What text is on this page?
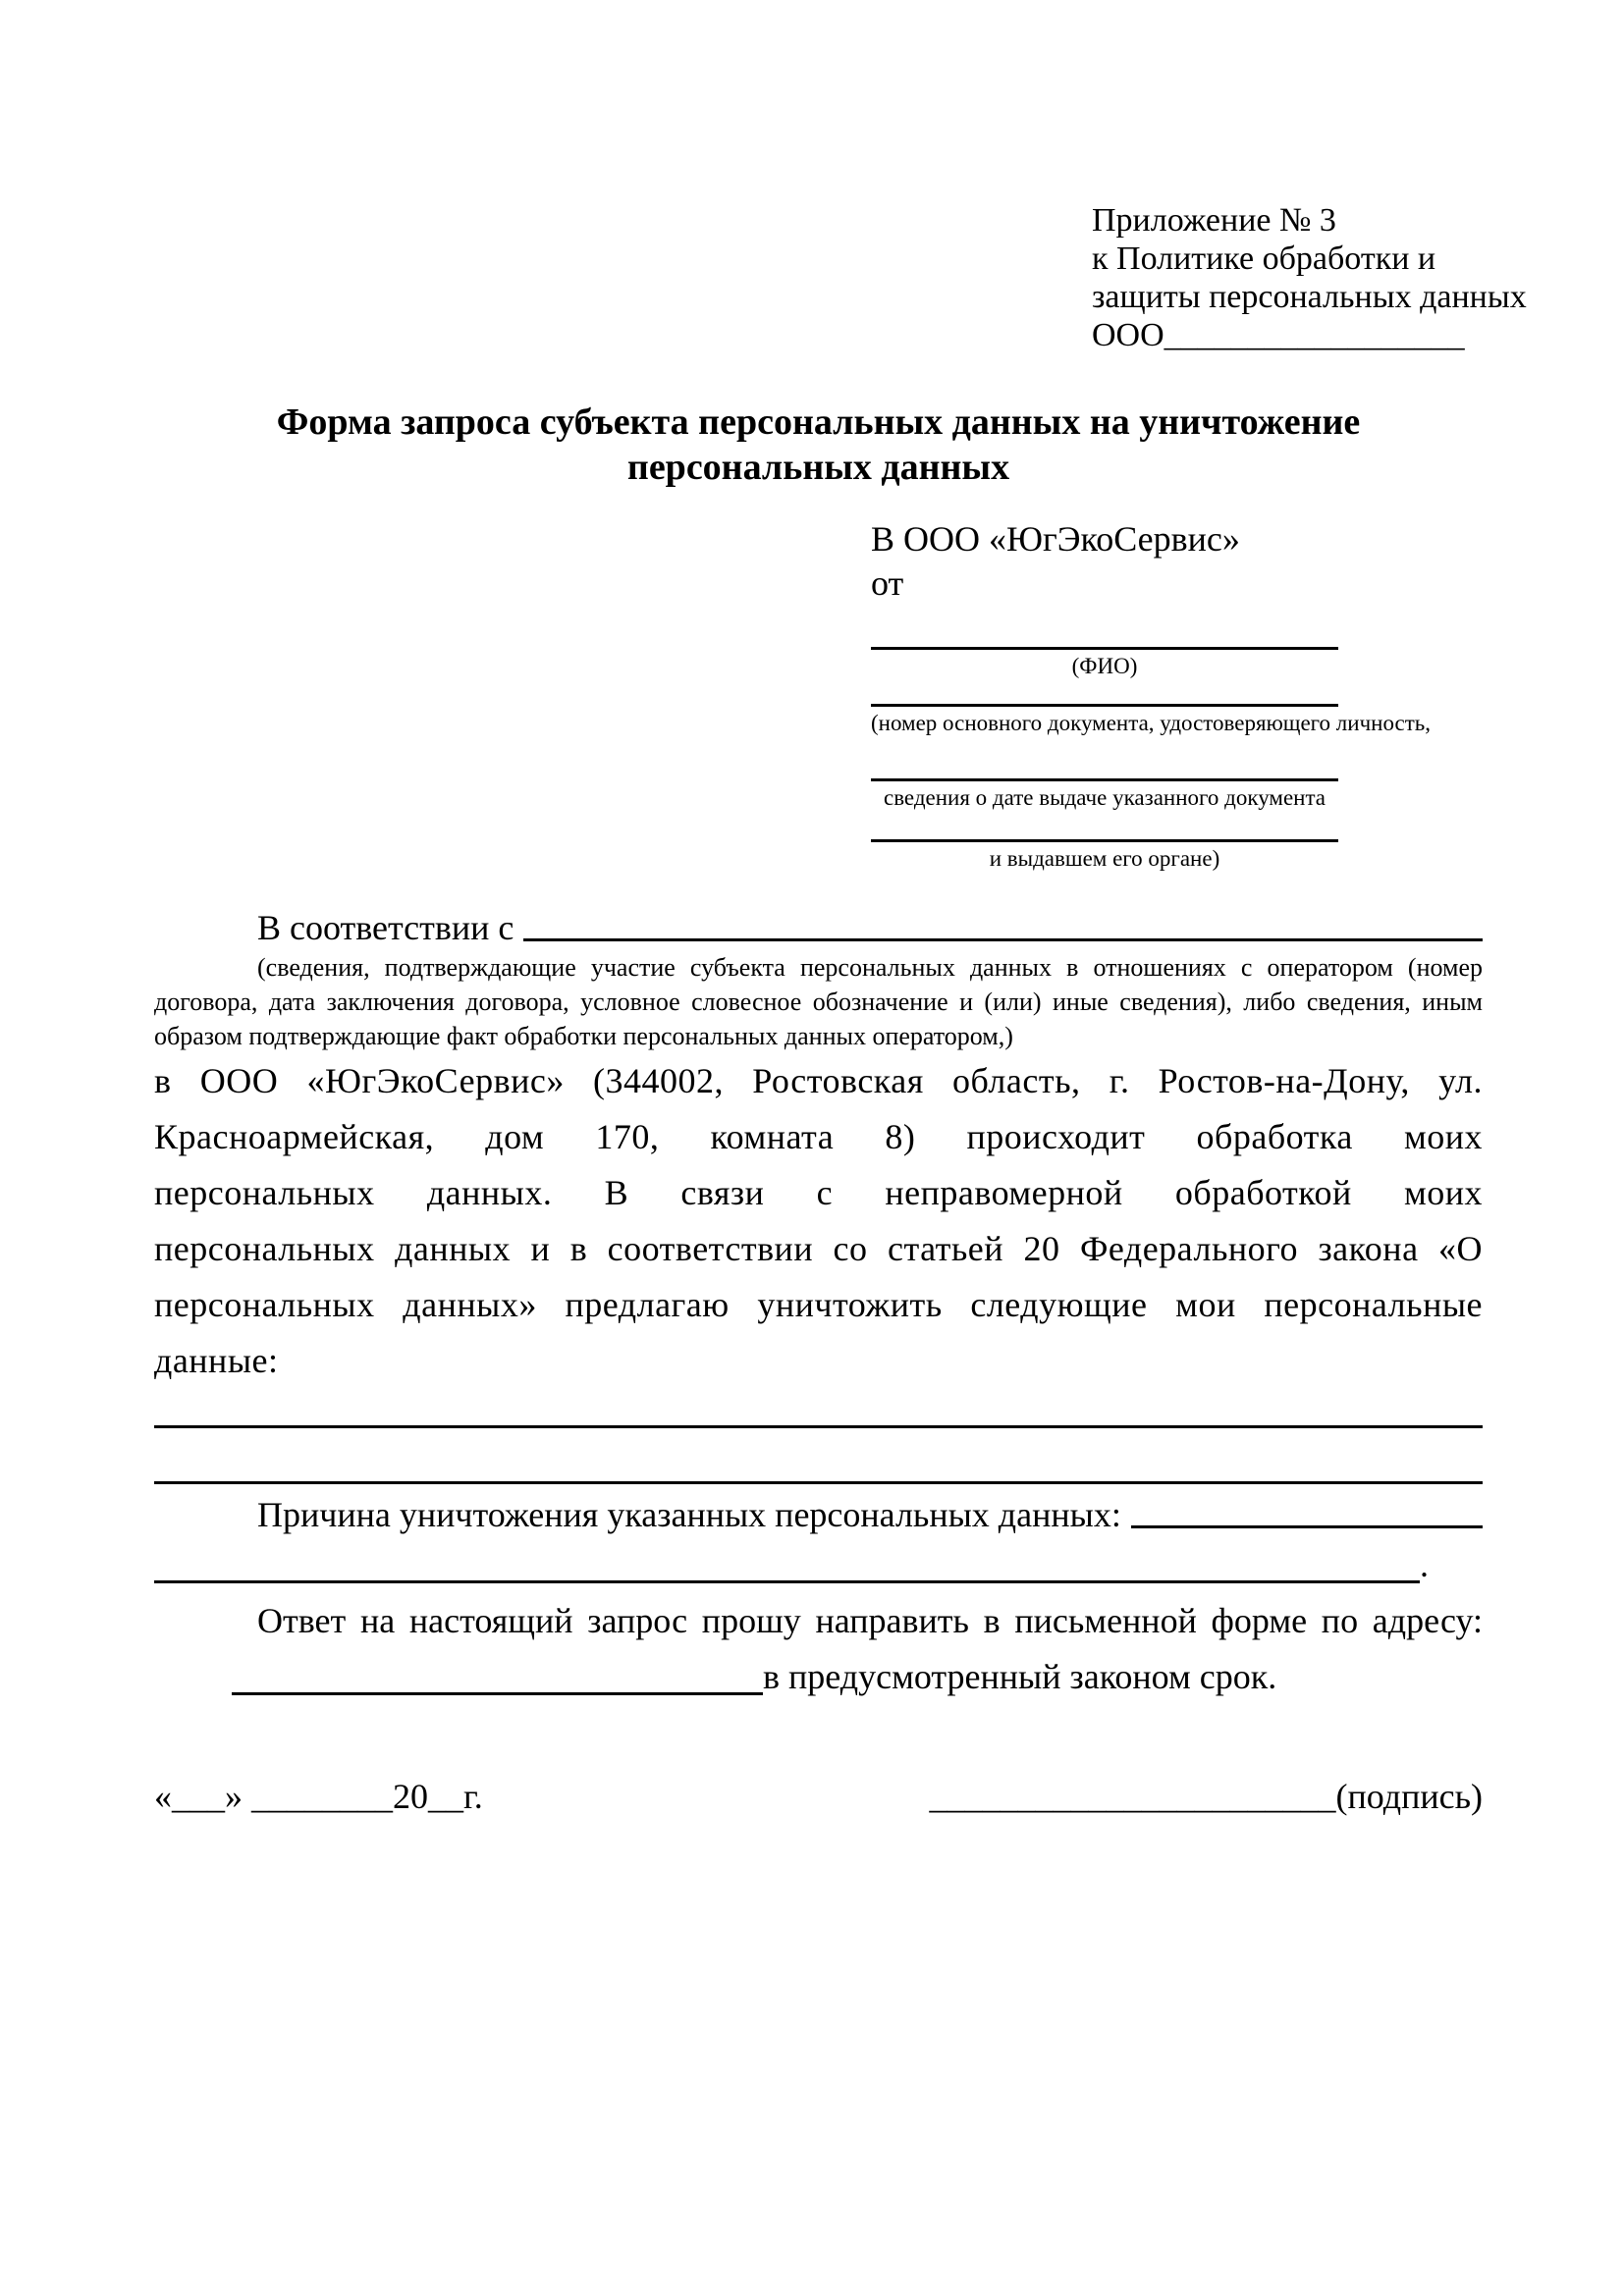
Приложение № 3
к Политике обработки и
защиты персональных данных
ООО__________________
Форма запроса субъекта персональных данных на уничтожение персональных данных
В ООО «ЮгЭкоСервис»
от
(ФИО)
(номер основного документа, удостоверяющего личность,
сведения о дате выдаче указанного документа
и выдавшем его органе)
В соответствии с

(сведения, подтверждающие участие субъекта персональных данных в отношениях с оператором (номер договора, дата заключения договора, условное словесное обозначение и (или) иные сведения), либо сведения, иным образом подтверждающие факт обработки персональных данных оператором,)

в ООО «ЮгЭкоСервис» (344002, Ростовская область, г. Ростов-на-Дону, ул. Красноармейская, дом 170, комната 8) происходит обработка моих персональных данных. В связи с неправомерной обработкой моих персональных данных и в соответствии со статьей 20 Федерального закона «О персональных данных» предлагаю уничтожить следующие мои персональные данные:

Причина уничтожения указанных персональных данных:
.

Ответ на настоящий запрос прошу направить в письменной форме по адресу:

в предусмотренный законом срок.
«___» ________20__г.	_______________________(подпись)
